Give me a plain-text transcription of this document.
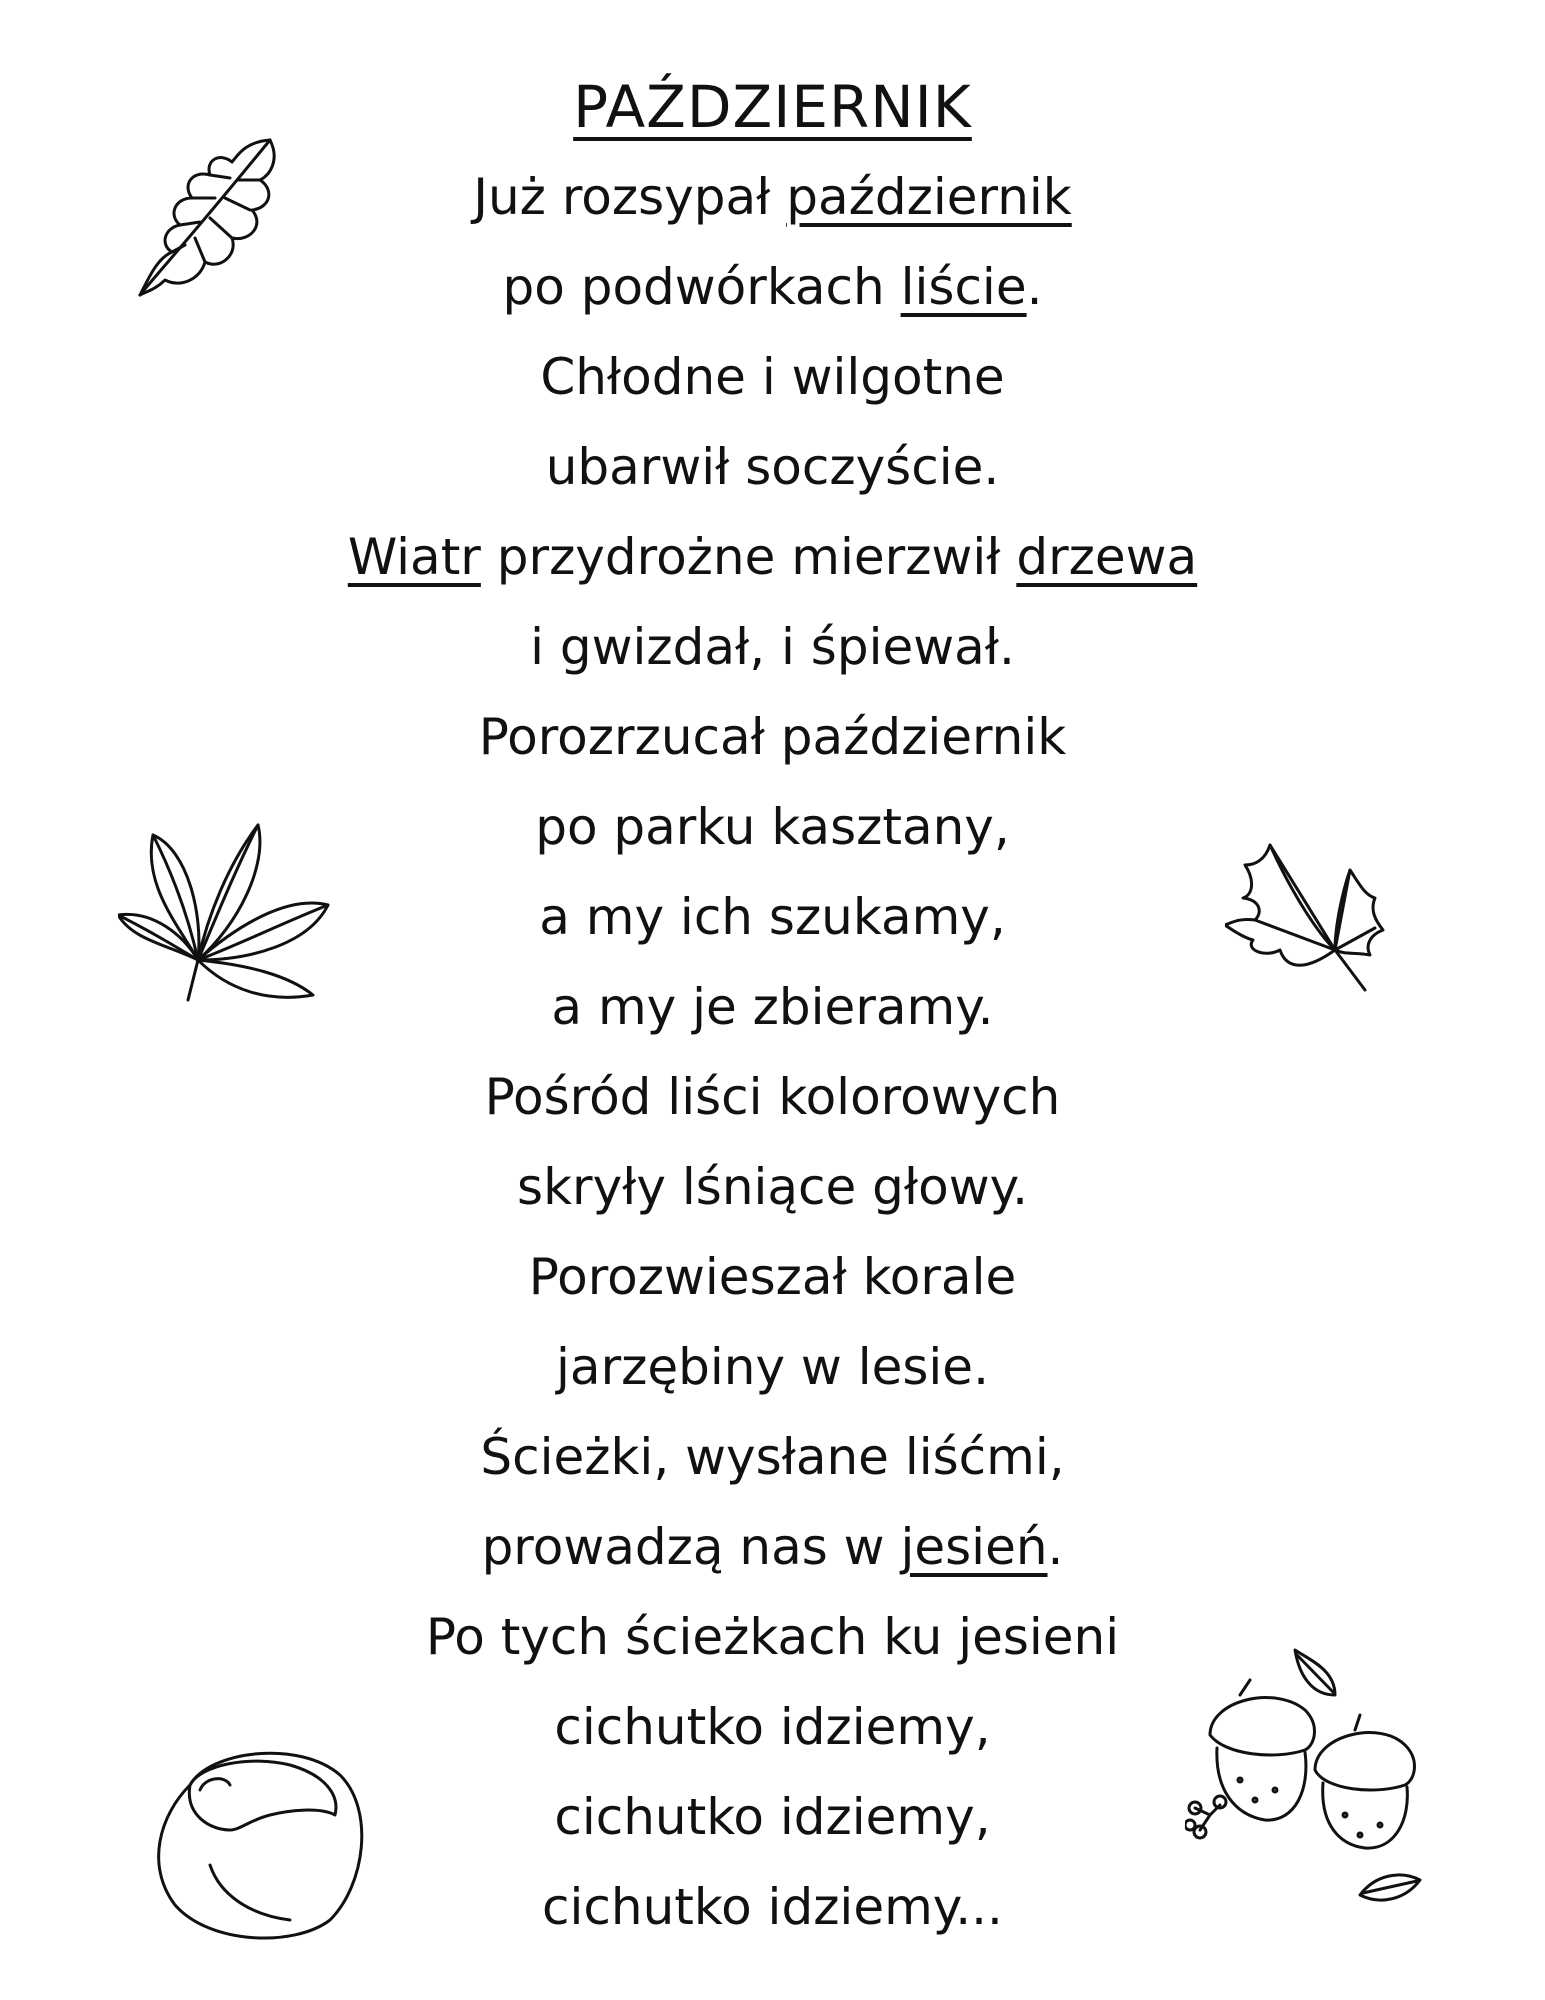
PAŹDZIERNIK
Już rozsypał październik
po podwórkach liście.
Chłodne i wilgotne
ubarwił soczyście.
Wiatr przydrożne mierzwił drzewa
i gwizdał, i śpiewał.
Porozrzucał październik
po parku kasztany,
a my ich szukamy,
a my je zbieramy.
Pośród liści kolorowych
skryły lśniące głowy.
Porozwieszał korale
jarzębiny w lesie.
Ścieżki, wysłane liśćmi,
prowadzą nas w jesień.
Po tych ścieżkach ku jesieni
cichutko idziemy,
cichutko idziemy,
cichutko idziemy...
